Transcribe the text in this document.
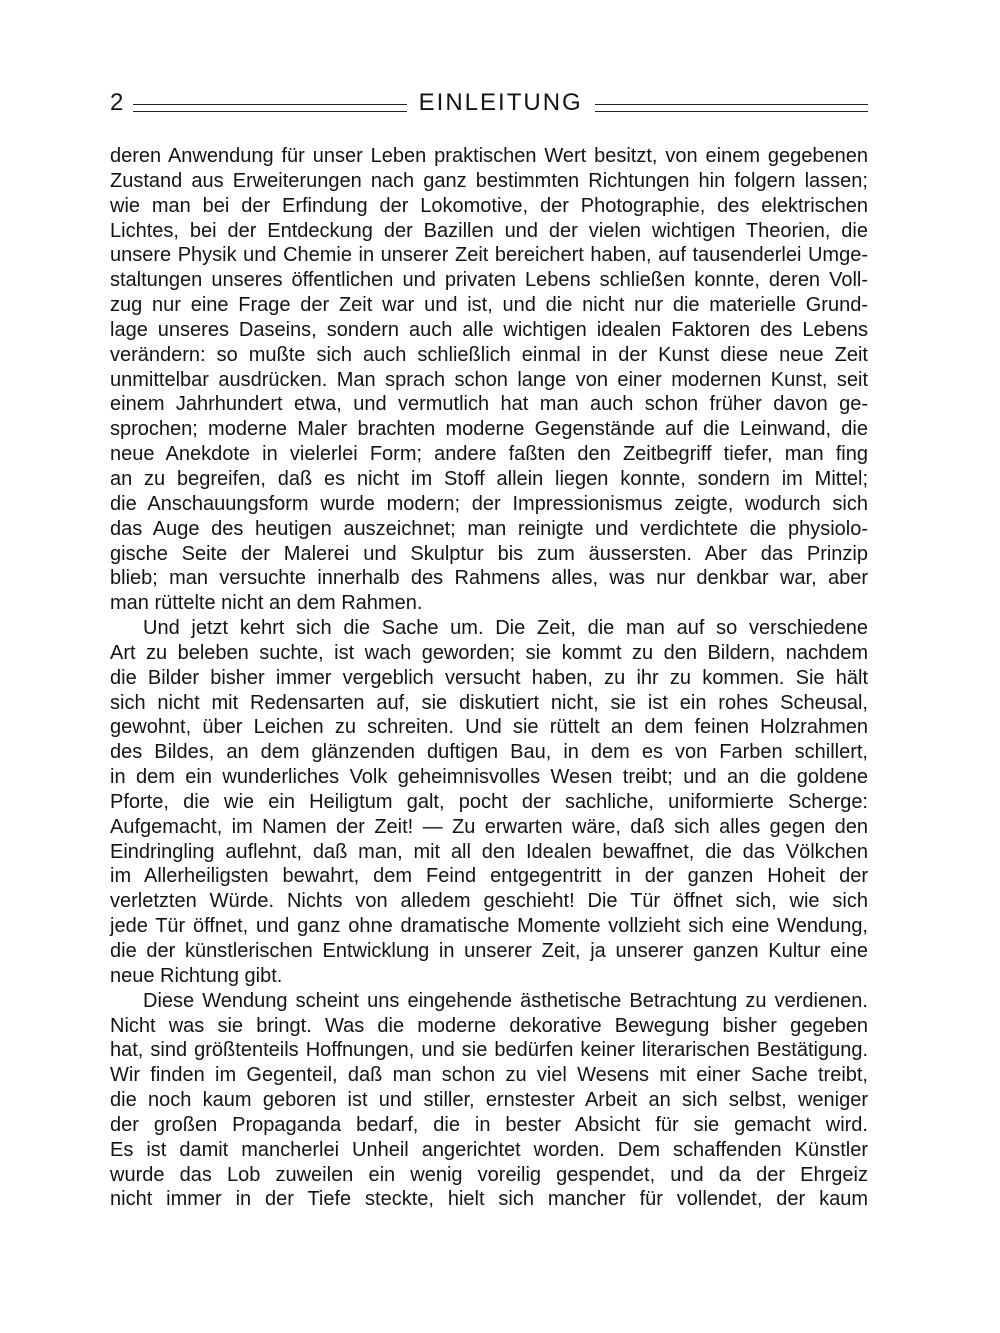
2	EINLEITUNG
deren Anwendung für unser Leben praktischen Wert besitzt, von einem gegebenen
Zustand aus Erweiterungen nach ganz bestimmten Richtungen hin folgern lassen;
wie man bei der Erfindung der Lokomotive, der Photographie, des elektrischen
Lichtes, bei der Entdeckung der Bazillen und der vielen wichtigen Theorien, die
unsere Physik und Chemie in unserer Zeit bereichert haben, auf tausenderlei Umge-
staltungen unseres öffentlichen und privaten Lebens schließen konnte, deren Voll-
zug nur eine Frage der Zeit war und ist, und die nicht nur die materielle Grund-
lage unseres Daseins, sondern auch alle wichtigen idealen Faktoren des Lebens
verändern: so mußte sich auch schließlich einmal in der Kunst diese neue Zeit
unmittelbar ausdrücken. Man sprach schon lange von einer modernen Kunst, seit
einem Jahrhundert etwa, und vermutlich hat man auch schon früher davon ge-
sprochen; moderne Maler brachten moderne Gegenstände auf die Leinwand, die
neue Anekdote in vielerlei Form; andere faßten den Zeitbegriff tiefer, man fing
an zu begreifen, daß es nicht im Stoff allein liegen konnte, sondern im Mittel;
die Anschauungsform wurde modern; der Impressionismus zeigte, wodurch sich
das Auge des heutigen auszeichnet; man reinigte und verdichtete die physiolo-
gische Seite der Malerei und Skulptur bis zum äussersten. Aber das Prinzip
blieb; man versuchte innerhalb des Rahmens alles, was nur denkbar war, aber
man rüttelte nicht an dem Rahmen.
Und jetzt kehrt sich die Sache um. Die Zeit, die man auf so verschiedene
Art zu beleben suchte, ist wach geworden; sie kommt zu den Bildern, nachdem
die Bilder bisher immer vergeblich versucht haben, zu ihr zu kommen. Sie hält
sich nicht mit Redensarten auf, sie diskutiert nicht, sie ist ein rohes Scheusal,
gewohnt, über Leichen zu schreiten. Und sie rüttelt an dem feinen Holzrahmen
des Bildes, an dem glänzenden duftigen Bau, in dem es von Farben schillert,
in dem ein wunderliches Volk geheimnisvolles Wesen treibt; und an die goldene
Pforte, die wie ein Heiligtum galt, pocht der sachliche, uniformierte Scherge:
Aufgemacht, im Namen der Zeit! — Zu erwarten wäre, daß sich alles gegen den
Eindringling auflehnt, daß man, mit all den Idealen bewaffnet, die das Völkchen
im Allerheiligsten bewahrt, dem Feind entgegentritt in der ganzen Hoheit der
verletzten Würde. Nichts von alledem geschieht! Die Tür öffnet sich, wie sich
jede Tür öffnet, und ganz ohne dramatische Momente vollzieht sich eine Wendung,
die der künstlerischen Entwicklung in unserer Zeit, ja unserer ganzen Kultur eine
neue Richtung gibt.
Diese Wendung scheint uns eingehende ästhetische Betrachtung zu verdienen.
Nicht was sie bringt. Was die moderne dekorative Bewegung bisher gegeben
hat, sind größtenteils Hoffnungen, und sie bedürfen keiner literarischen Bestätigung.
Wir finden im Gegenteil, daß man schon zu viel Wesens mit einer Sache treibt,
die noch kaum geboren ist und stiller, ernstester Arbeit an sich selbst, weniger
der großen Propaganda bedarf, die in bester Absicht für sie gemacht wird.
Es ist damit mancherlei Unheil angerichtet worden. Dem schaffenden Künstler
wurde das Lob zuweilen ein wenig voreilig gespendet, und da der Ehrgeiz
nicht immer in der Tiefe steckte, hielt sich mancher für vollendet, der kaum
